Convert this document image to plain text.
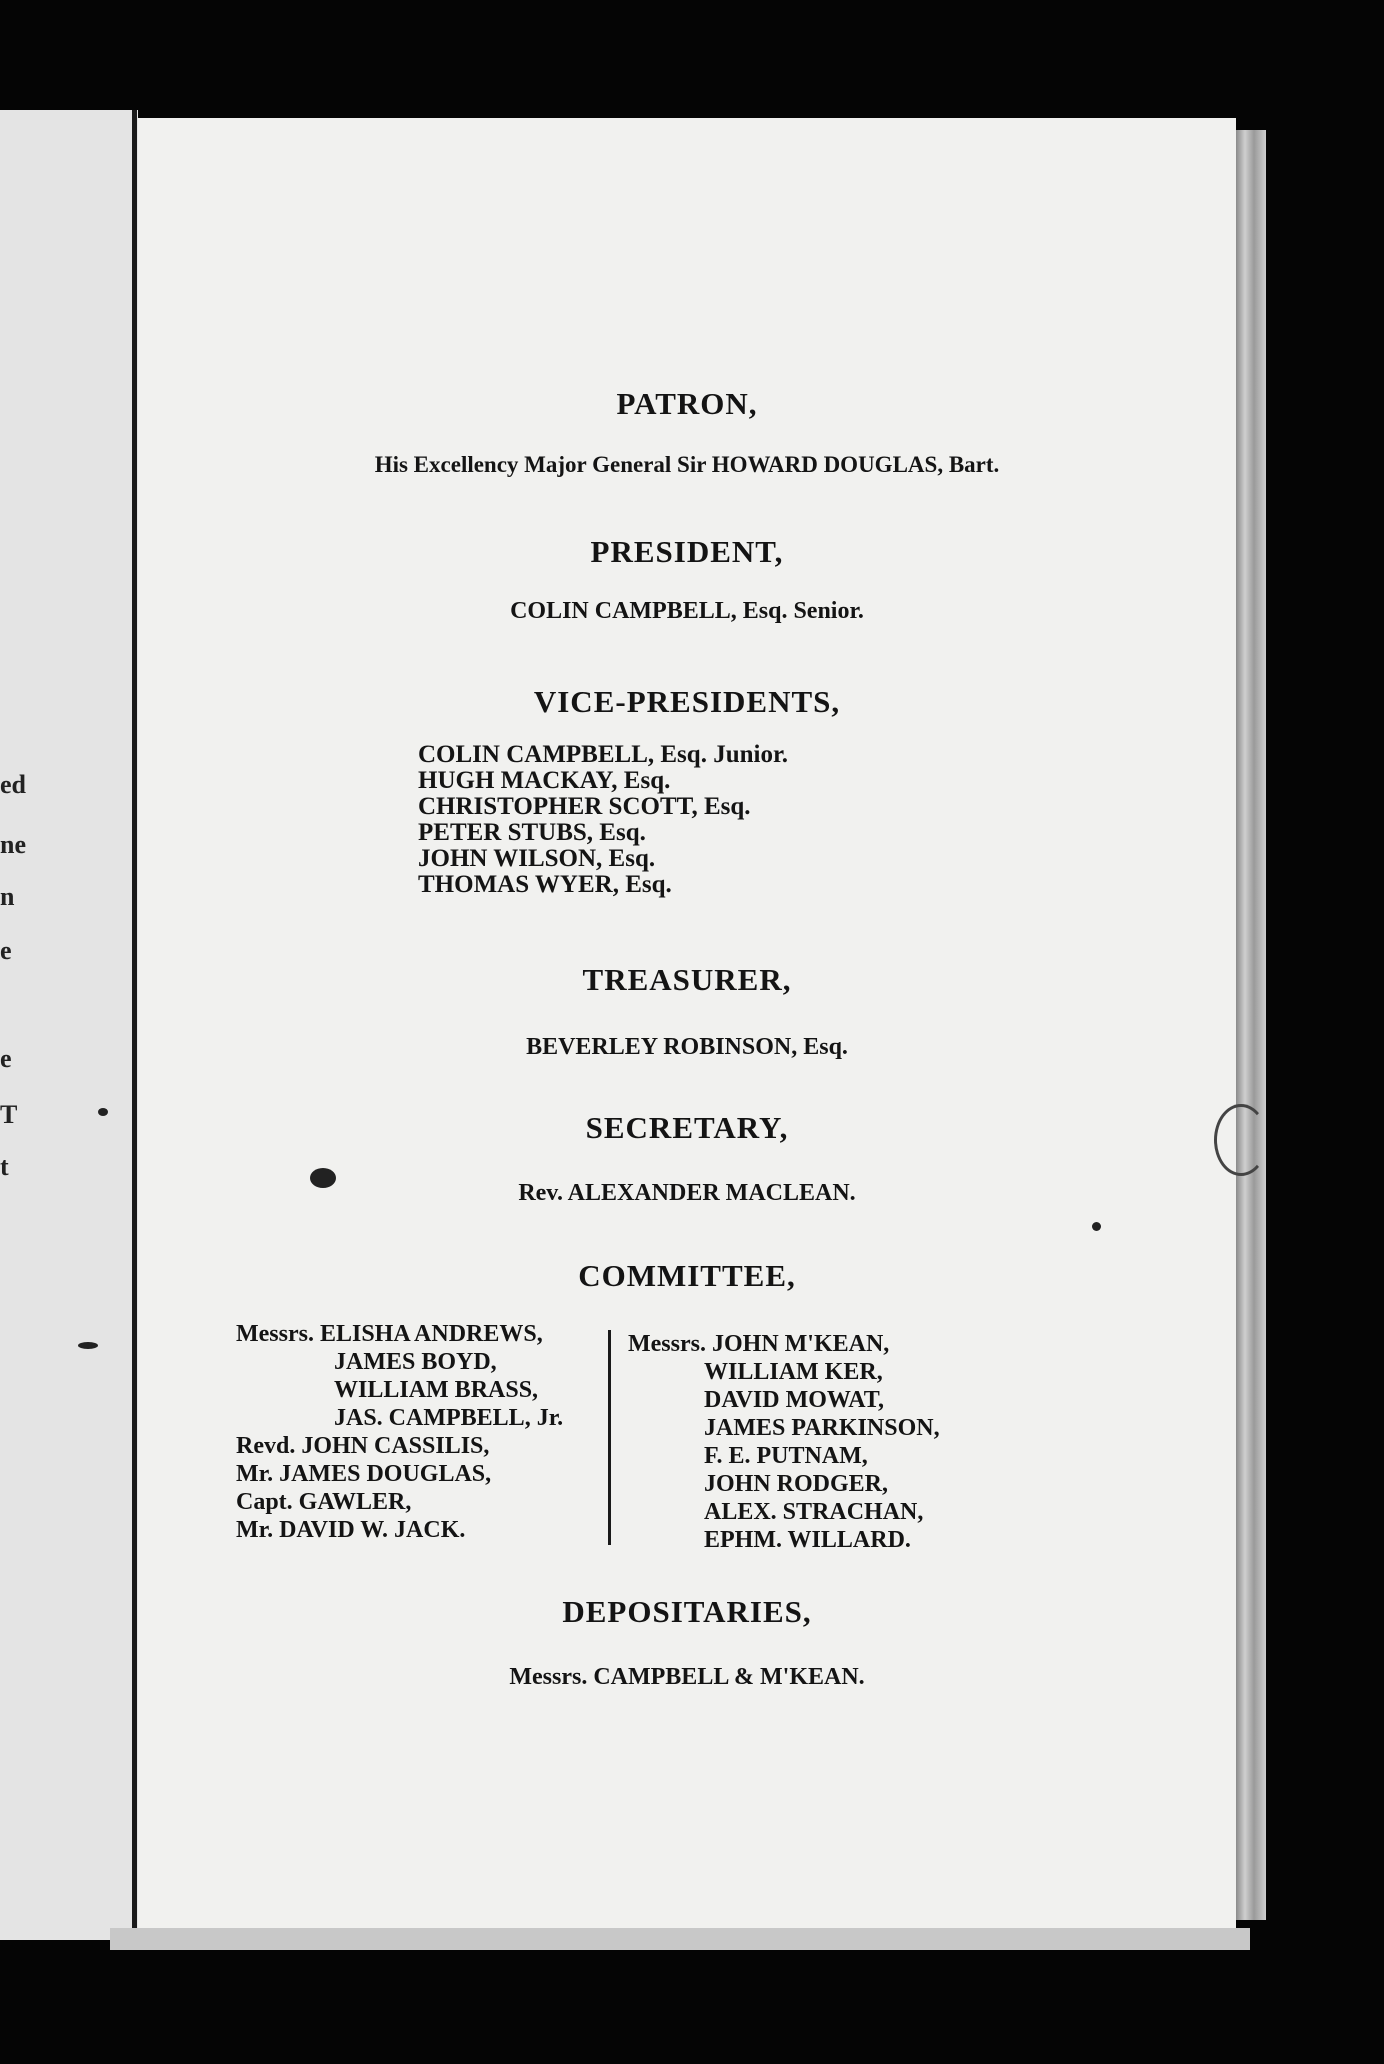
ed
ne
n
e
e
T
t
PATRON,
His Excellency Major General Sir HOWARD DOUGLAS, Bart.
PRESIDENT,
COLIN CAMPBELL, Esq. Senior.
VICE-PRESIDENTS,
COLIN CAMPBELL, Esq. Junior.
HUGH MACKAY, Esq.
CHRISTOPHER SCOTT, Esq.
PETER STUBS, Esq.
JOHN WILSON, Esq.
THOMAS WYER, Esq.
TREASURER,
BEVERLEY ROBINSON, Esq.
SECRETARY,
Rev. ALEXANDER MACLEAN.
COMMITTEE,
Messrs. ELISHA ANDREWS,
JAMES BOYD,
WILLIAM BRASS,
JAS. CAMPBELL, Jr.
Revd. JOHN CASSILIS,
Mr. JAMES DOUGLAS,
Capt. GAWLER,
Mr. DAVID W. JACK.
Messrs. JOHN M'KEAN,
WILLIAM KER,
DAVID MOWAT,
JAMES PARKINSON,
F. E. PUTNAM,
JOHN RODGER,
ALEX. STRACHAN,
EPHM. WILLARD.
DEPOSITARIES,
Messrs. CAMPBELL & M'KEAN.
